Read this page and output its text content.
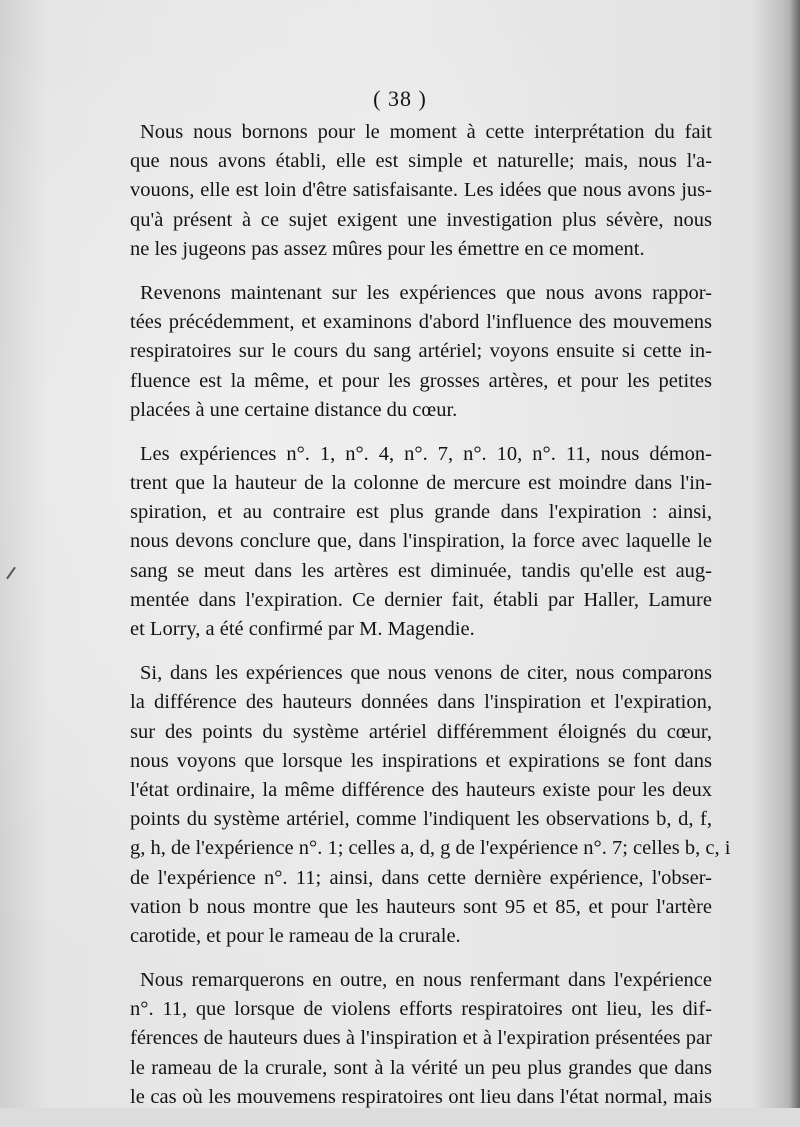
( 38 )

Nous nous bornons pour le moment à cette interprétation du fait
que nous avons établi, elle est simple et naturelle; mais, nous l'a-
vouons, elle est loin d'être satisfaisante. Les idées que nous avons jus-
qu'à présent à ce sujet exigent une investigation plus sévère, nous
ne les jugeons pas assez mûres pour les émettre en ce moment.

Revenons maintenant sur les expériences que nous avons rappor-
tées précédemment, et examinons d'abord l'influence des mouvemens
respiratoires sur le cours du sang artériel; voyons ensuite si cette in-
fluence est la même, et pour les grosses artères, et pour les petites
placées à une certaine distance du cœur.

Les expériences n°. 1, n°. 4, n°. 7, n°. 10, n°. 11, nous démon-
trent que la hauteur de la colonne de mercure est moindre dans l'in-
spiration, et au contraire est plus grande dans l'expiration : ainsi,
nous devons conclure que, dans l'inspiration, la force avec laquelle le
sang se meut dans les artères est diminuée, tandis qu'elle est aug-
mentée dans l'expiration. Ce dernier fait, établi par Haller, Lamure
et Lorry, a été confirmé par M. Magendie.

Si, dans les expériences que nous venons de citer, nous comparons
la différence des hauteurs données dans l'inspiration et l'expiration,
sur des points du système artériel différemment éloignés du cœur,
nous voyons que lorsque les inspirations et expirations se font dans
l'état ordinaire, la même différence des hauteurs existe pour les deux
points du système artériel, comme l'indiquent les observations b, d, f,
g, h, de l'expérience n°. 1; celles a, d, g de l'expérience n°. 7; celles b, c, i
de l'expérience n°. 11; ainsi, dans cette dernière expérience, l'obser-
vation b nous montre que les hauteurs sont 95 et 85, et pour l'artère
carotide, et pour le rameau de la crurale.

Nous remarquerons en outre, en nous renfermant dans l'expérience
n°. 11, que lorsque de violens efforts respiratoires ont lieu, les dif-
férences de hauteurs dues à l'inspiration et à l'expiration présentées par
le rameau de la crurale, sont à la vérité un peu plus grandes que dans
le cas où les mouvemens respiratoires ont lieu dans l'état normal, mais
